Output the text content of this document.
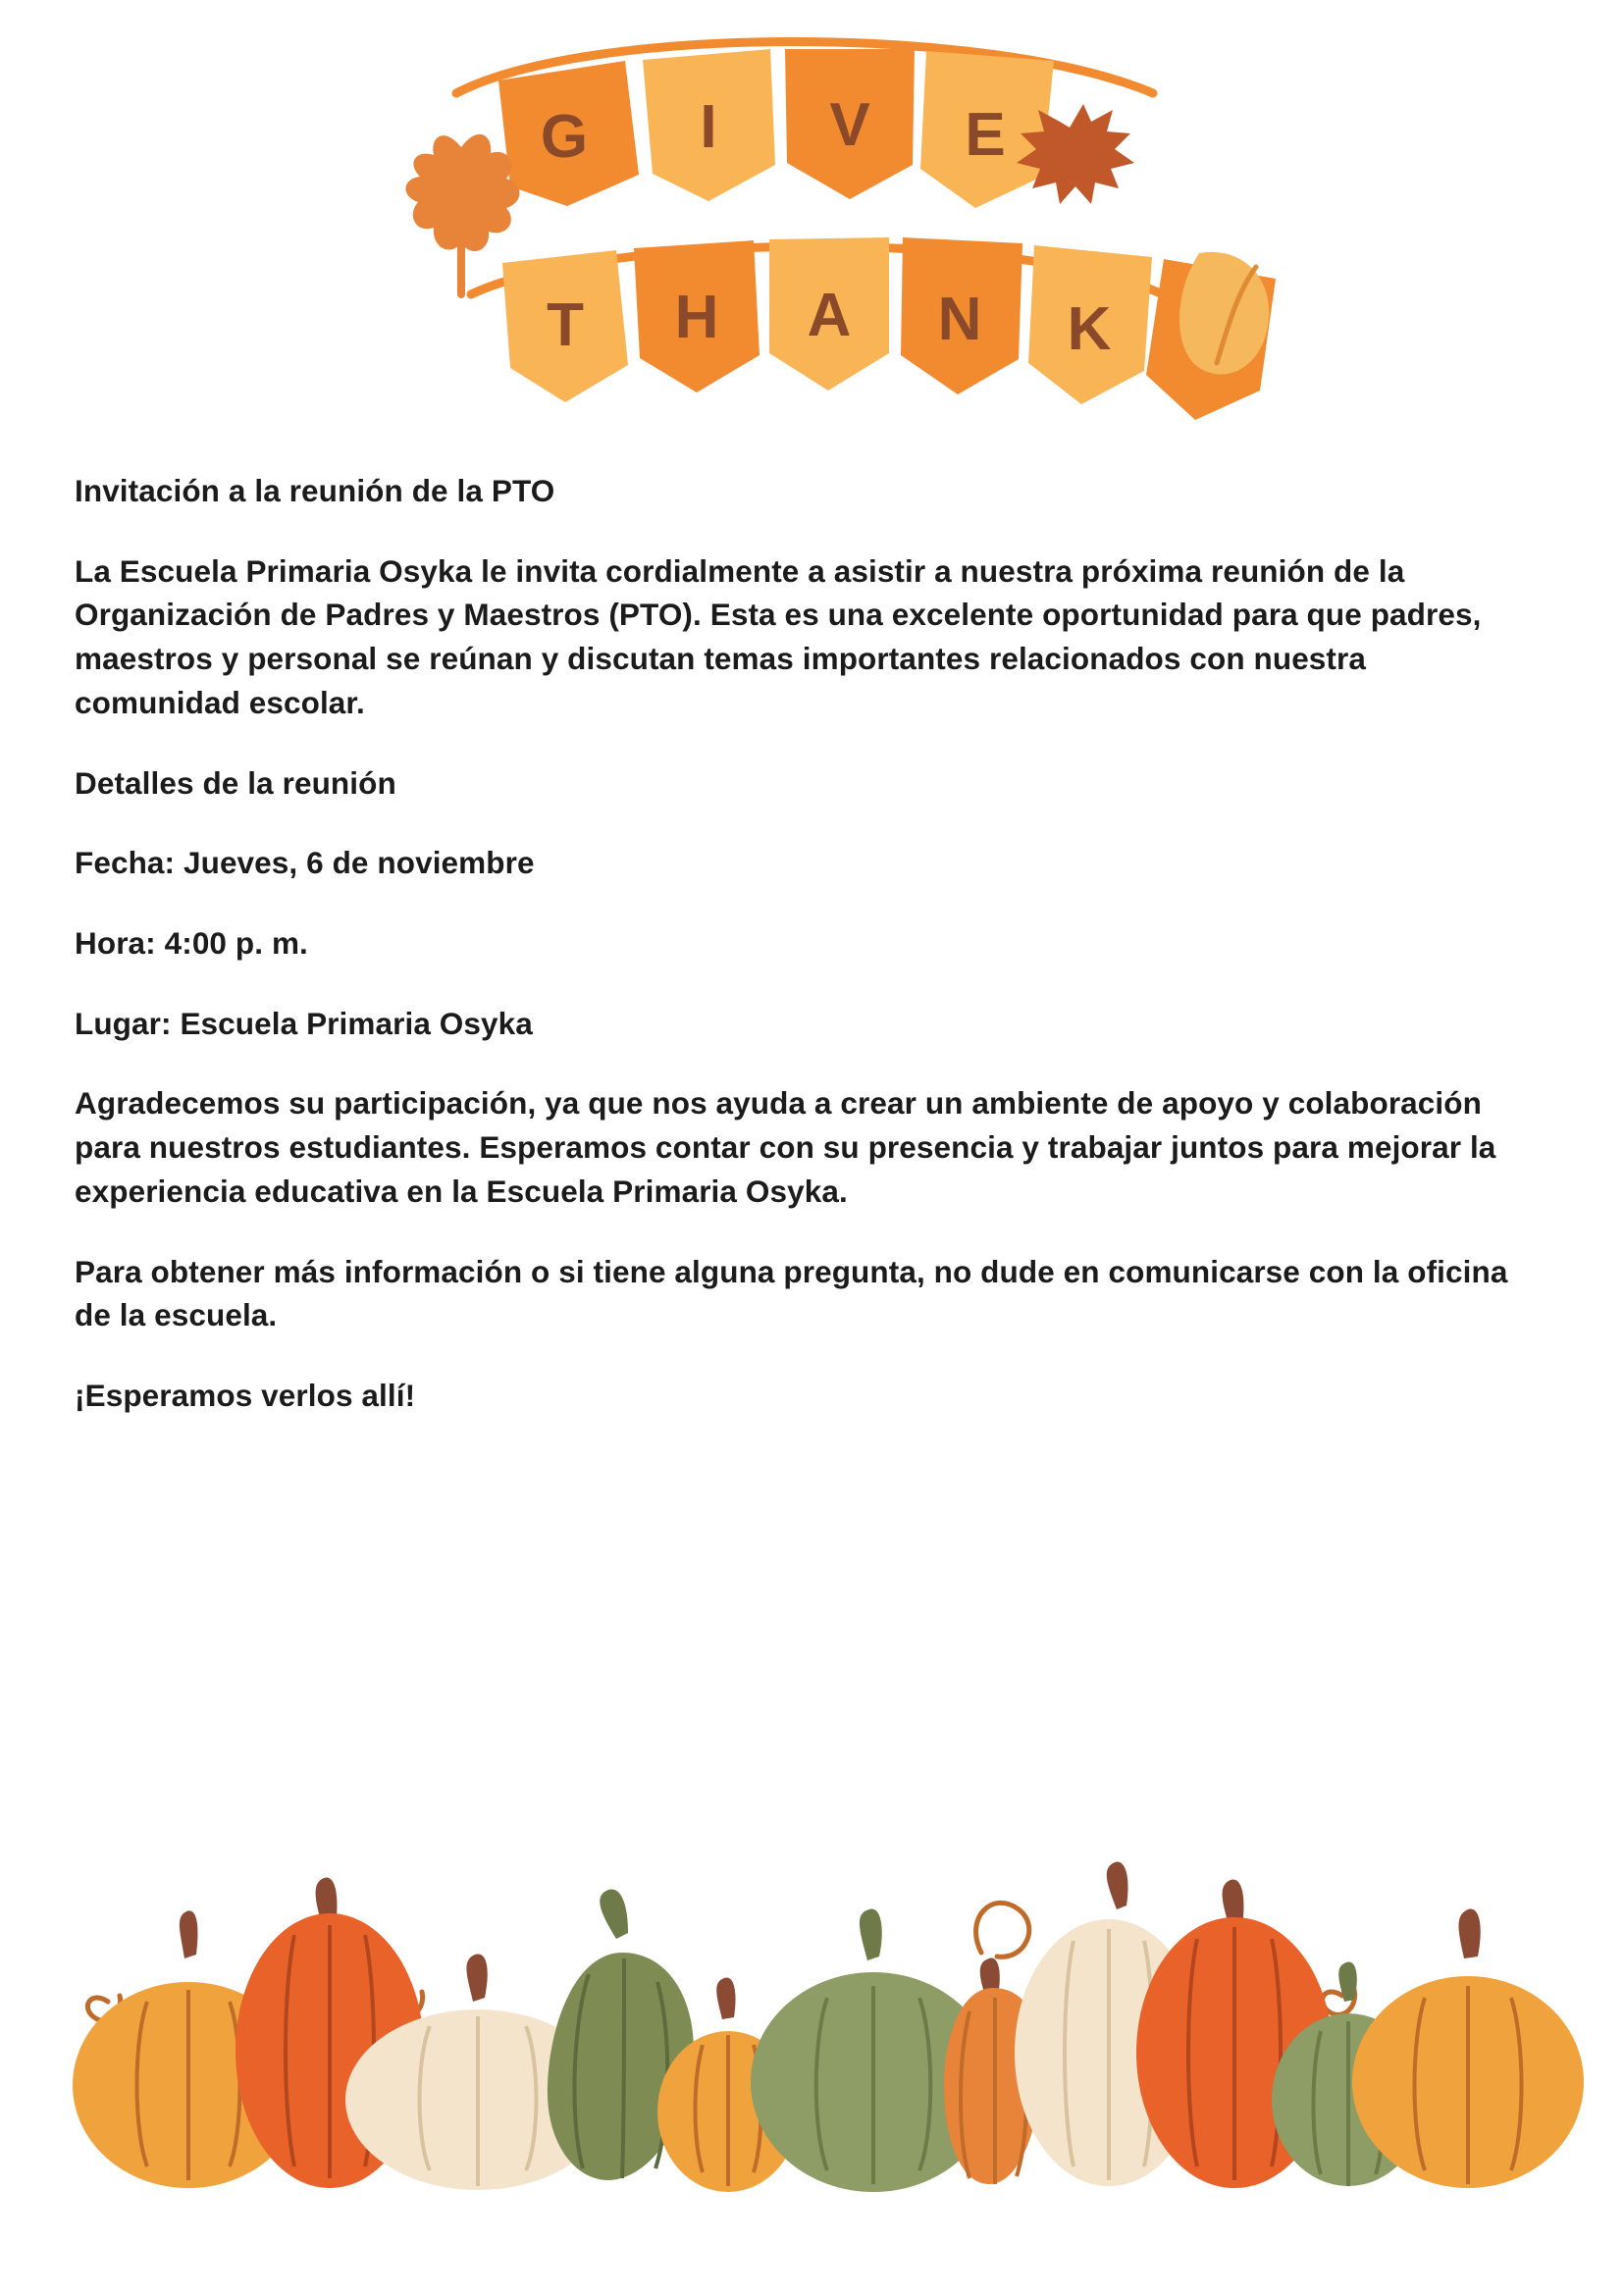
G I V E
T H A N K

Invitación a la reunión de la PTO

La Escuela Primaria Osyka le invita cordialmente a asistir a nuestra próxima reunión de la Organización de Padres y Maestros (PTO). Esta es una excelente oportunidad para que padres, maestros y personal se reúnan y discutan temas importantes relacionados con nuestra comunidad escolar.

Detalles de la reunión

Fecha: Jueves, 6 de noviembre

Hora: 4:00 p. m.

Lugar: Escuela Primaria Osyka

Agradecemos su participación, ya que nos ayuda a crear un ambiente de apoyo y colaboración para nuestros estudiantes. Esperamos contar con su presencia y trabajar juntos para mejorar la experiencia educativa en la Escuela Primaria Osyka.

Para obtener más información o si tiene alguna pregunta, no dude en comunicarse con la oficina de la escuela.

¡Esperamos verlos allí!
